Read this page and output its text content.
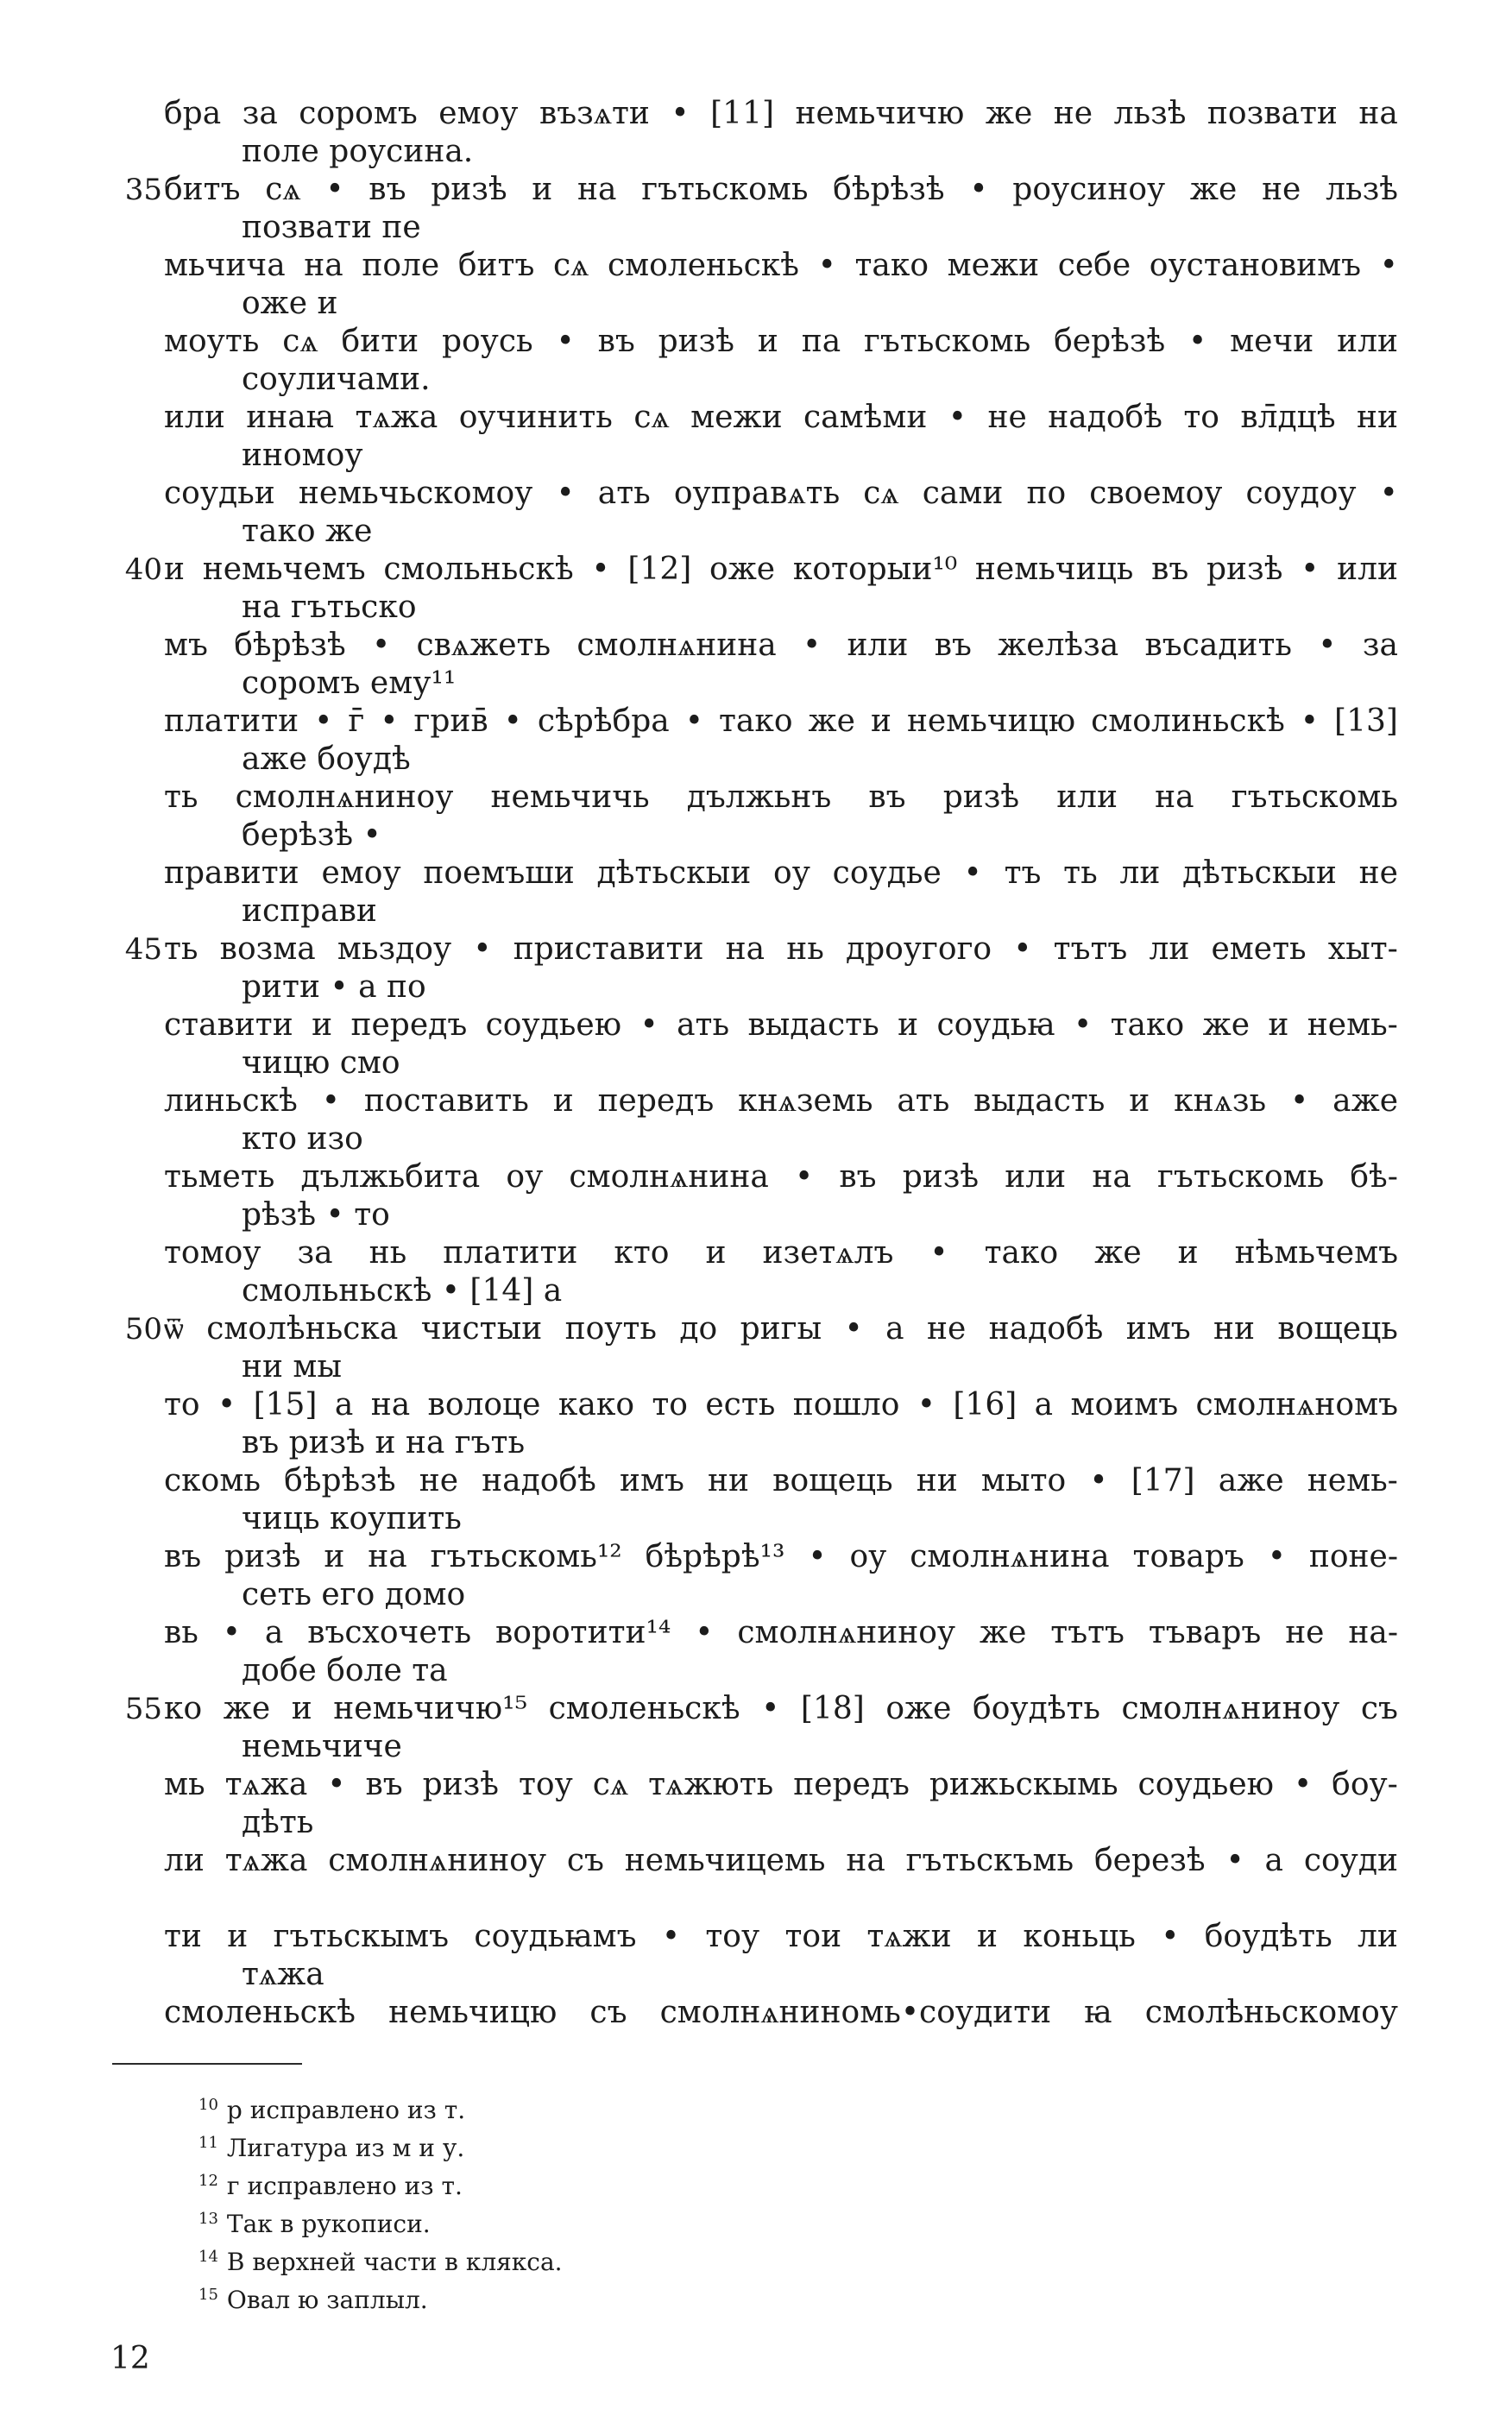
бра за соромъ емоу възѧти • [11] немьчичю же не льзѣ позвати на
поле роусина.
35 битъ сѧ • въ ризѣ и на гътьскомь бѣрѣзѣ • роусиноу же не льзѣ
позвати пе
мьчича на поле битъ сѧ смоленьскѣ • тако межи себе оустановимъ •
оже и
моуть сѧ бити роусь • въ ризѣ и па гътьскомь берѣзѣ • мечи или
соуличами.
или инаꙗ тѧжа оучинить сѧ межи самѣми • не надобѣ то вл̄дцѣ ни
иномоу
соудьи немьчьскомоу • ать оуправѧть сѧ сами по своемоу соудоу •
тако же
40 и немьчемъ смольньскѣ • [12] оже которыи¹⁰ немьчиць въ ризѣ • или
на гътьско
мъ бѣрѣзѣ • свѧжеть смолнѧнина • или въ желѣза въсадить • за
соромъ ему¹¹
платити • г̄ • грив̄ • сѣрѣбра • тако же и немьчицю смолиньскѣ • [13]
аже боудѣ
ть смолнѧниноу немьчичь дължьнъ въ ризѣ или на гътьскомь
берѣзѣ •
правити емоу поемъши дѣтьскыи оу соудье • тъ ть ли дѣтьскыи не
исправи
45 ть возма мьздоу • приставити на нь дроугого • тътъ ли еметь хыт-
рити • а по
ставити и передъ соудьею • ать выдасть и соудьꙗ • тако же и немь-
чицю смо
линьскѣ • поставить и передъ кнѧземь ать выдасть и кнѧзь • аже
кто изо
тьметь дължьбита оу смолнѧнина • въ ризѣ или на гътьскомь бѣ-
рѣзѣ • то
томоу за нь платити кто и изетѧлъ • тако же и нѣмьчемъ
смольньскѣ • [14] а
50 ѿ смолѣньска чистыи поуть до ригы • а не надобѣ имъ ни вощець
ни мы
то • [15] а на волоце како то есть пошло • [16] а моимъ смолнѧномъ
въ ризѣ и на гъть
скомь бѣрѣзѣ не надобѣ имъ ни вощець ни мыто • [17] аже немь-
чиць коупить
въ ризѣ и на гътьскомь¹² бѣрѣрѣ¹³ • оу смолнѧнина товаръ • поне-
сеть его домо
вь • а въсхочеть воротити¹⁴ • смолнѧниноу же тътъ тъваръ не на-
добе боле та
55 ко же и немьчичю¹⁵ смоленьскѣ • [18] оже боудѣть смолнѧниноу съ
немьчиче
мь тѧжа • въ ризѣ тоу сѧ тѧжють передъ рижьскымь соудьею • боу-
дѣть
ли тѧжа смолнѧниноу съ немьчицемь на гътьскъмь березѣ • а соуди
ти и гътьскымъ соудьꙗмъ • тоу тои тѧжи и коньць • боудѣть ли
тѧжа
смоленьскѣ немьчицю съ смолнѧниномь•соудити ꙗ смолѣньскомоу
$^{10}$ р исправлено из т.
$^{11}$ Лигатура из м и у.
$^{12}$ г исправлено из т.
$^{13}$ Так в рукописи.
$^{14}$ В верхней части в клякса.
$^{15}$ Овал ю заплыл.
12
